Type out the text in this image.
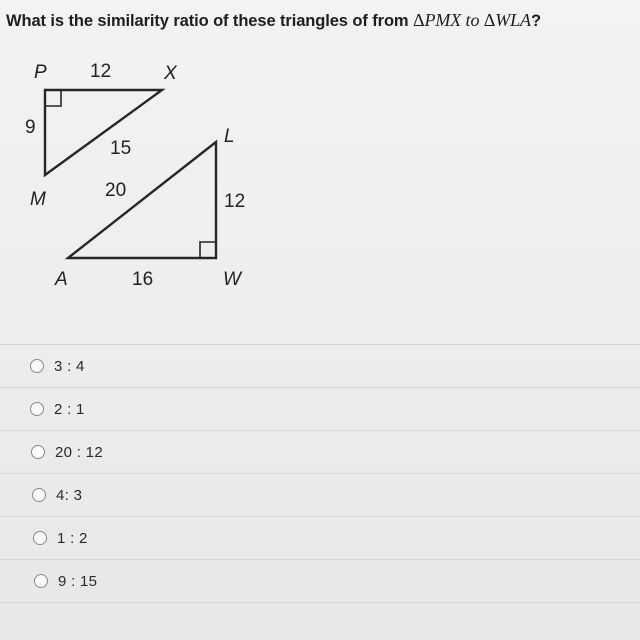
What is the similarity ratio of these triangles of from ΔPMX to ΔWLA?
P 12	X
9
15
M
L
20
12
A	16	W
3 : 4
2 : 1
20 : 12
4: 3
1 : 2
9 : 15
